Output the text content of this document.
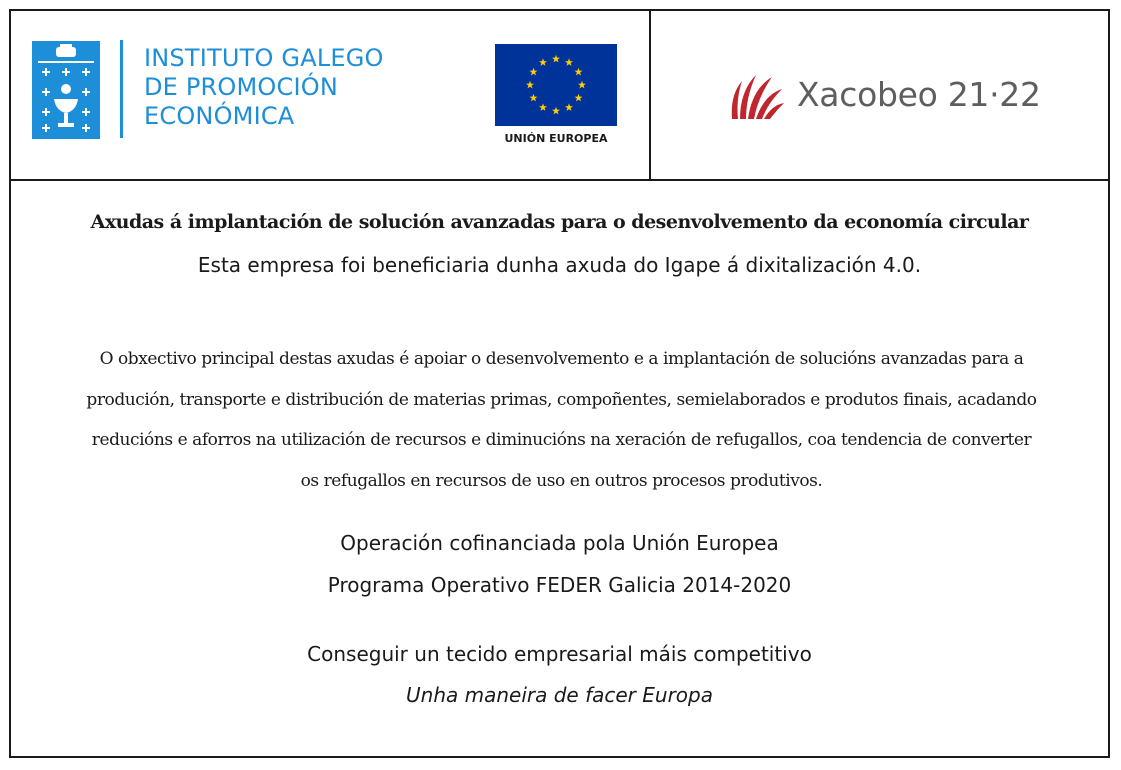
INSTITUTO GALEGO
DE PROMOCIÓN
ECONÓMICA
UNIÓN EUROPEA
Xacobeo 21·22
Axudas á implantación de solución avanzadas para o desenvolvemento da economía circular
Esta empresa foi beneficiaria dunha axuda do Igape á dixitalización 4.0.
O obxectivo principal destas axudas é apoiar o desenvolvemento e a implantación de solucións avanzadas para a
produción, transporte e distribución de materias primas, compoñentes, semielaborados e produtos finais, acadando
reducións e aforros na utilización de recursos e diminucións na xeración de refugallos, coa tendencia de converter
os refugallos en recursos de uso en outros procesos produtivos.
Operación cofinanciada pola Unión Europea
Programa Operativo FEDER Galicia 2014-2020
Conseguir un tecido empresarial máis competitivo
Unha maneira de facer Europa
